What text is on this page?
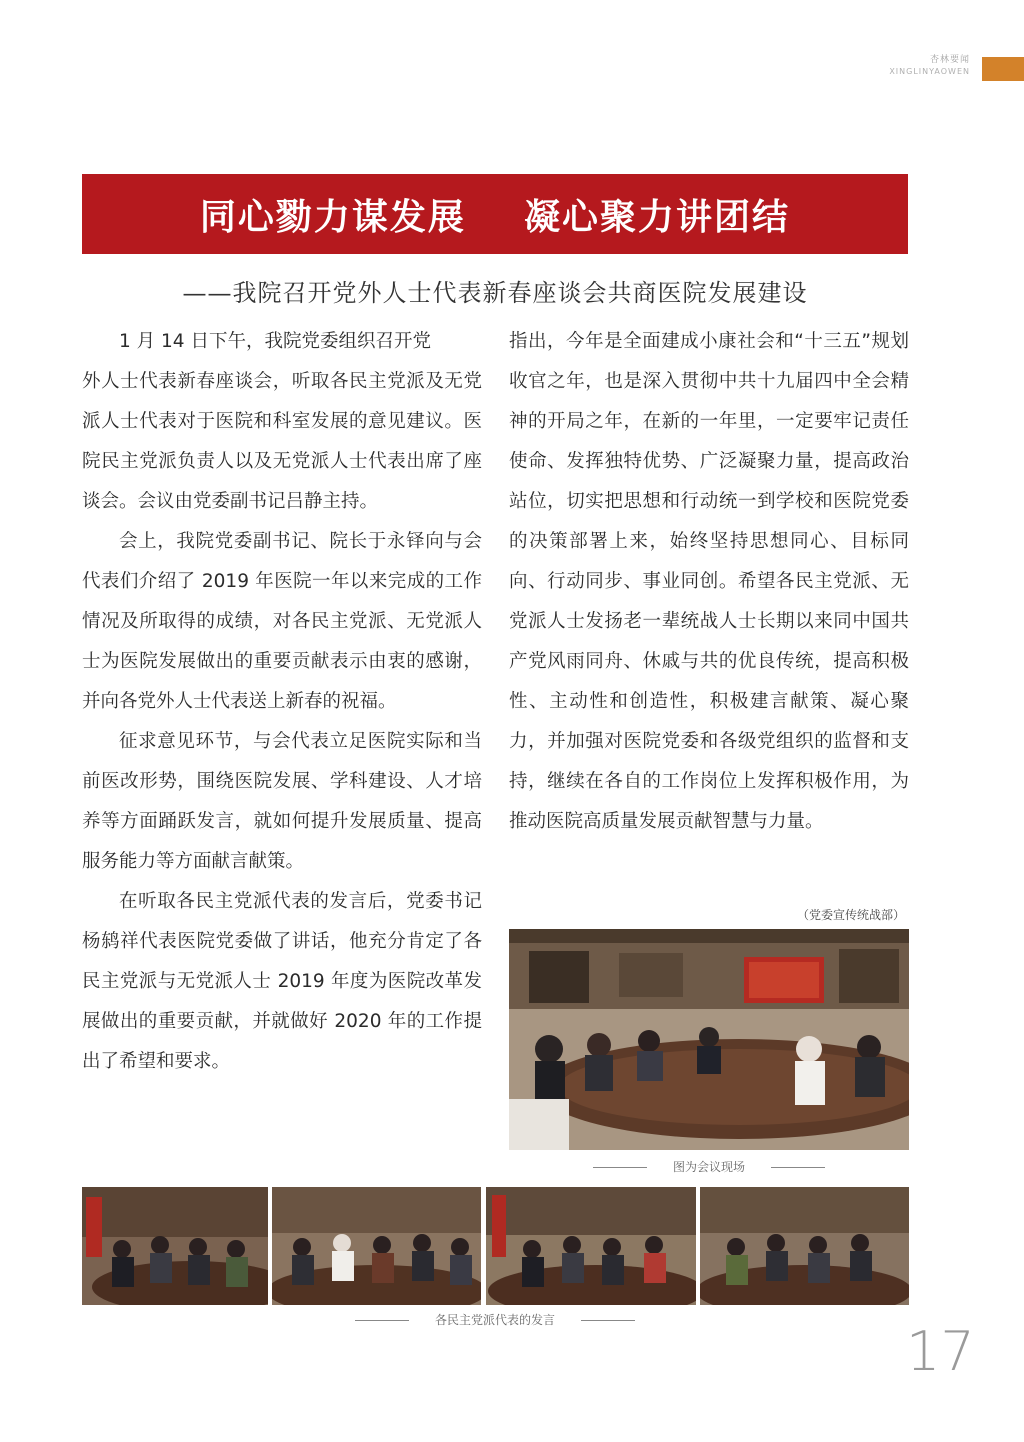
杏林要闻
XINGLINYAOWEN
同心勠力谋发展    凝心聚力讲团结
——我院召开党外人士代表新春座谈会共商医院发展建设

1 月 14 日下午，我院党委组织召开党

外人士代表新春座谈会，听取各民主党派及无党派人士代表对于医院和科室发展的意见建议。医院民主党派负责人以及无党派人士代表出席了座谈会。会议由党委副书记吕静主持。

会上，我院党委副书记、院长于永铎向与会代表们介绍了 2019 年医院一年以来完成的工作情况及所取得的成绩，对各民主党派、无党派人士为医院发展做出的重要贡献表示由衷的感谢，并向各党外人士代表送上新春的祝福。

征求意见环节，与会代表立足医院实际和当前医改形势，围绕医院发展、学科建设、人才培养等方面踊跃发言，就如何提升发展质量、提高服务能力等方面献言献策。

在听取各民主党派代表的发言后，党委书记杨鸫祥代表医院党委做了讲话，他充分肯定了各民主党派与无党派人士 2019 年度为医院改革发展做出的重要贡献，并就做好 2020 年的工作提出了希望和要求。

指出，今年是全面建成小康社会和“十三五”规划收官之年，也是深入贯彻中共十九届四中全会精神的开局之年，在新的一年里，一定要牢记责任使命、发挥独特优势、广泛凝聚力量，提高政治站位，切实把思想和行动统一到学校和医院党委的决策部署上来，始终坚持思想同心、目标同向、行动同步、事业同创。希望各民主党派、无党派人士发扬老一辈统战人士长期以来同中国共产党风雨同舟、休戚与共的优良传统，提高积极性、主动性和创造性，积极建言献策、凝心聚力，并加强对医院党委和各级党组织的监督和支持，继续在各自的工作岗位上发挥积极作用，为推动医院高质量发展贡献智慧与力量。

（党委宣传统战部）
图为会议现场
各民主党派代表的发言	17
